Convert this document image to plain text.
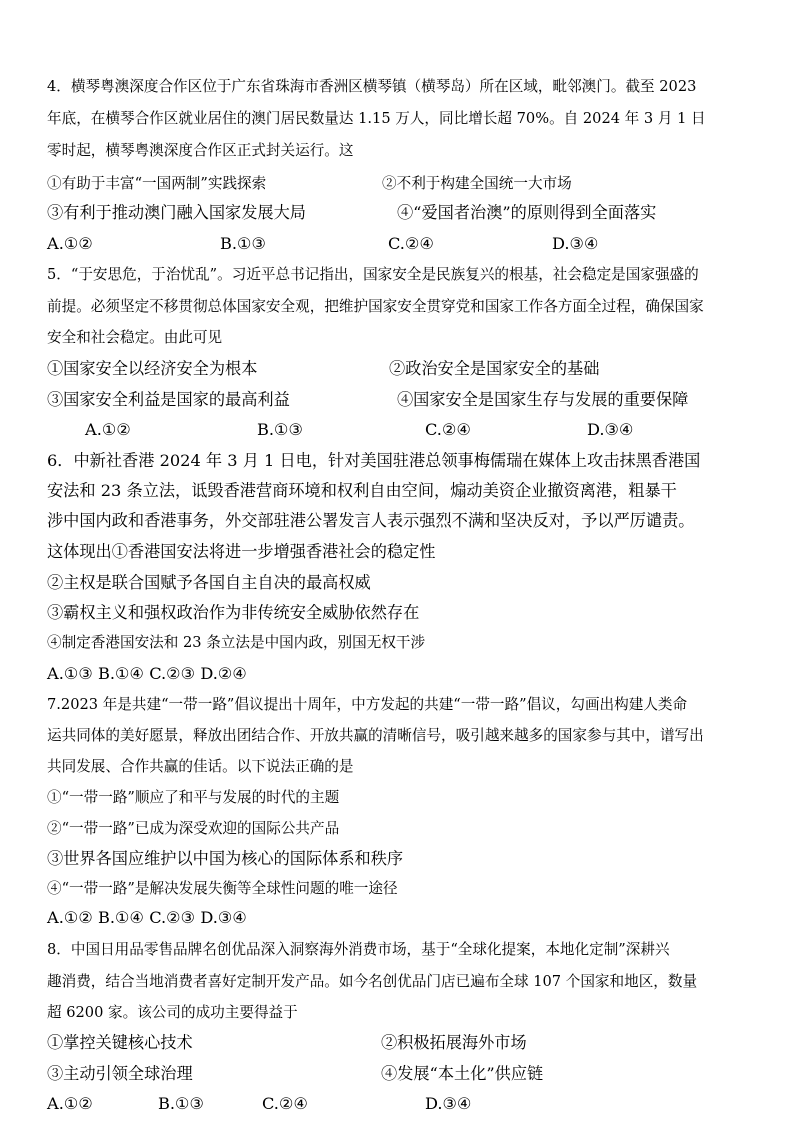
4．横琴粤澳深度合作区位于广东省珠海市香洲区横琴镇（横琴岛）所在区域，毗邻澳门。截至 2023
年底，在横琴合作区就业居住的澳门居民数量达 1.15 万人，同比增长超 70%。自 2024 年 3 月 1 日
零时起，横琴粤澳深度合作区正式封关运行。这
①有助于丰富“一国两制”实践探索	②不利于构建全国统一大市场
③有利于推动澳门融入国家发展大局	④“爱国者治澳”的原则得到全面落实
A.①②	B.①③	C.②④	D.③④
5．“于安思危，于治忧乱”。习近平总书记指出，国家安全是民族复兴的根基，社会稳定是国家强盛的
前提。必须坚定不移贯彻总体国家安全观，把维护国家安全贯穿党和国家工作各方面全过程，确保国家
安全和社会稳定。由此可见
①国家安全以经济安全为根本	②政治安全是国家安全的基础
③国家安全利益是国家的最高利益	④国家安全是国家生存与发展的重要保障
A.①②	B.①③	C.②④	D.③④
6．中新社香港 2024 年 3 月 1 日电，针对美国驻港总领事梅儒瑞在媒体上攻击抹黑香港国
安法和 23 条立法，诋毁香港营商环境和权利自由空间，煽动美资企业撤资离港，粗暴干
涉中国内政和香港事务，外交部驻港公署发言人表示强烈不满和坚决反对，予以严厉谴责。
这体现出①香港国安法将进一步增强香港社会的稳定性
②主权是联合国赋予各国自主自决的最高权威
③霸权主义和强权政治作为非传统安全威胁依然存在
④制定香港国安法和 23 条立法是中国内政，别国无权干涉
A.①③ B.①④ C.②③ D.②④
7.2023 年是共建“一带一路”倡议提出十周年，中方发起的共建“一带一路”倡议，勾画出构建人类命
运共同体的美好愿景，释放出团结合作、开放共赢的清晰信号，吸引越来越多的国家参与其中，谱写出
共同发展、合作共赢的佳话。以下说法正确的是
①“一带一路”顺应了和平与发展的时代的主题
②“一带一路”已成为深受欢迎的国际公共产品
③世界各国应维护以中国为核心的国际体系和秩序
④“一带一路”是解决发展失衡等全球性问题的唯一途径
A.①② B.①④ C.②③ D.③④
8．中国日用品零售品牌名创优品深入洞察海外消费市场，基于“全球化提案，本地化定制”深耕兴
趣消费，结合当地消费者喜好定制开发产品。如今名创优品门店已遍布全球 107 个国家和地区，数量
超 6200 家。该公司的成功主要得益于
①掌控关键核心技术	②积极拓展海外市场
③主动引领全球治理	④发展“本土化”供应链
A.①②	B.①③	C.②④	D.③④
